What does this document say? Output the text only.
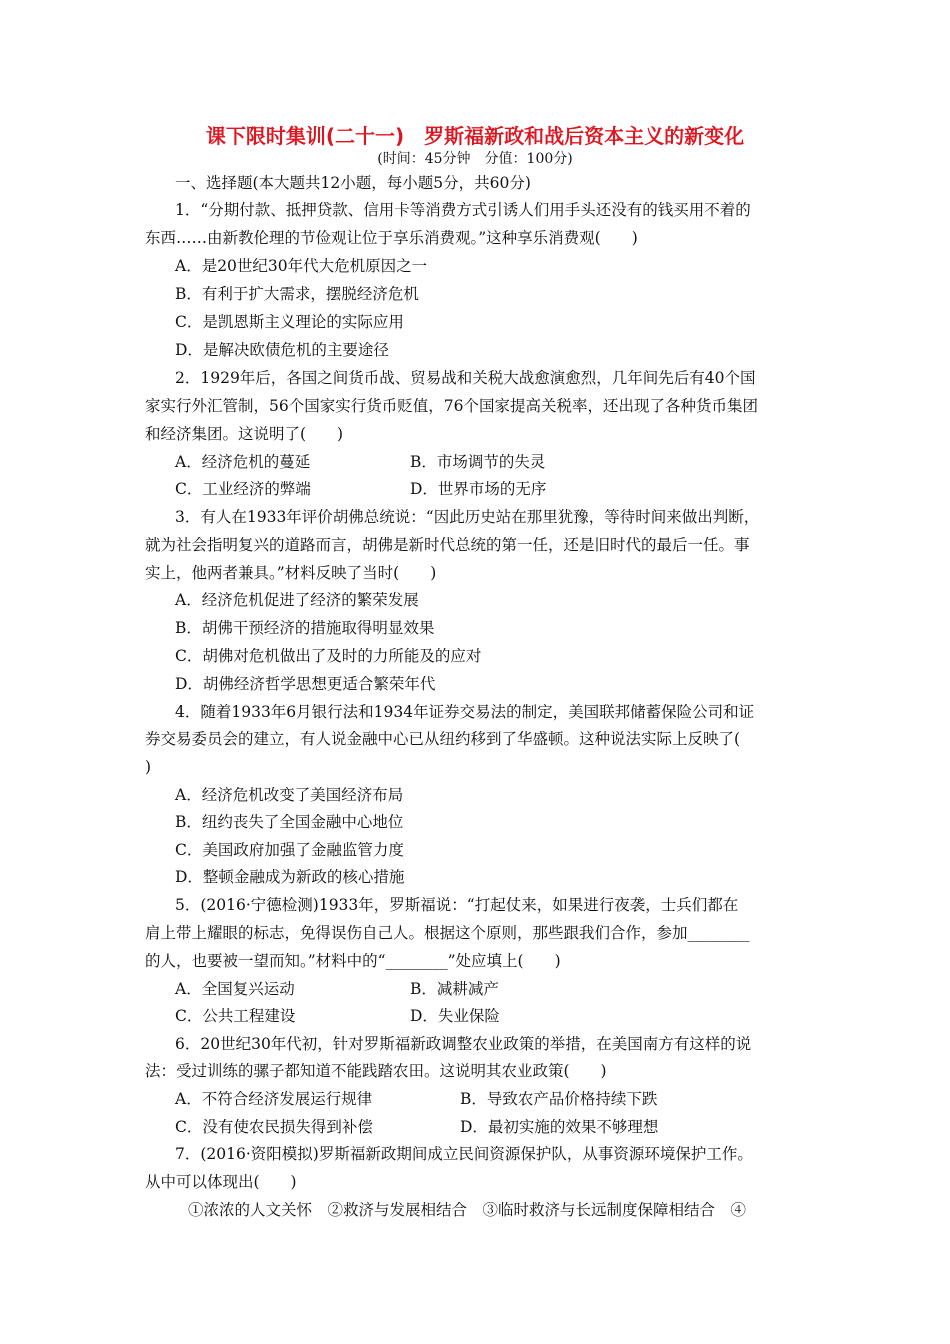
课下限时集训(二十一)　罗斯福新政和战后资本主义的新变化
(时间：45分钟　分值：100分)
一、选择题(本大题共12小题，每小题5分，共60分)
1．“分期付款、抵押贷款、信用卡等消费方式引诱人们用手头还没有的钱买用不着的
东西……由新教伦理的节俭观让位于享乐消费观。”这种享乐消费观(　　)
A．是20世纪30年代大危机原因之一
B．有利于扩大需求，摆脱经济危机
C．是凯恩斯主义理论的实际应用
D．是解决欧债危机的主要途径
2．1929年后，各国之间货币战、贸易战和关税大战愈演愈烈，几年间先后有40个国
家实行外汇管制，56个国家实行货币贬值，76个国家提高关税率，还出现了各种货币集团
和经济集团。这说明了(　　)
A．经济危机的蔓延	B．市场调节的失灵
C．工业经济的弊端	D．世界市场的无序
3．有人在1933年评价胡佛总统说：“因此历史站在那里犹豫，等待时间来做出判断，
就为社会指明复兴的道路而言，胡佛是新时代总统的第一任，还是旧时代的最后一任。事
实上，他两者兼具。”材料反映了当时(　　)
A．经济危机促进了经济的繁荣发展
B．胡佛干预经济的措施取得明显效果
C．胡佛对危机做出了及时的力所能及的应对
D．胡佛经济哲学思想更适合繁荣年代
4．随着1933年6月银行法和1934年证券交易法的制定，美国联邦储蓄保险公司和证
券交易委员会的建立，有人说金融中心已从纽约移到了华盛顿。这种说法实际上反映了(
)
A．经济危机改变了美国经济布局
B．纽约丧失了全国金融中心地位
C．美国政府加强了金融监管力度
D．整顿金融成为新政的核心措施
5．(2016·宁德检测)1933年，罗斯福说：“打起仗来，如果进行夜袭，士兵们都在
肩上带上耀眼的标志，免得误伤自己人。根据这个原则，那些跟我们合作，参加________
的人，也要被一望而知。”材料中的“________”处应填上(　　)
A．全国复兴运动	B．减耕减产
C．公共工程建设	D．失业保险
6．20世纪30年代初，针对罗斯福新政调整农业政策的举措，在美国南方有这样的说
法：受过训练的骡子都知道不能践踏农田。这说明其农业政策(　　)
A．不符合经济发展运行规律	B．导致农产品价格持续下跌
C．没有使农民损失得到补偿	D．最初实施的效果不够理想
7．(2016·资阳模拟)罗斯福新政期间成立民间资源保护队，从事资源环境保护工作。
从中可以体现出(　　)
①浓浓的人文关怀　②救济与发展相结合　③临时救济与长远制度保障相结合　④
